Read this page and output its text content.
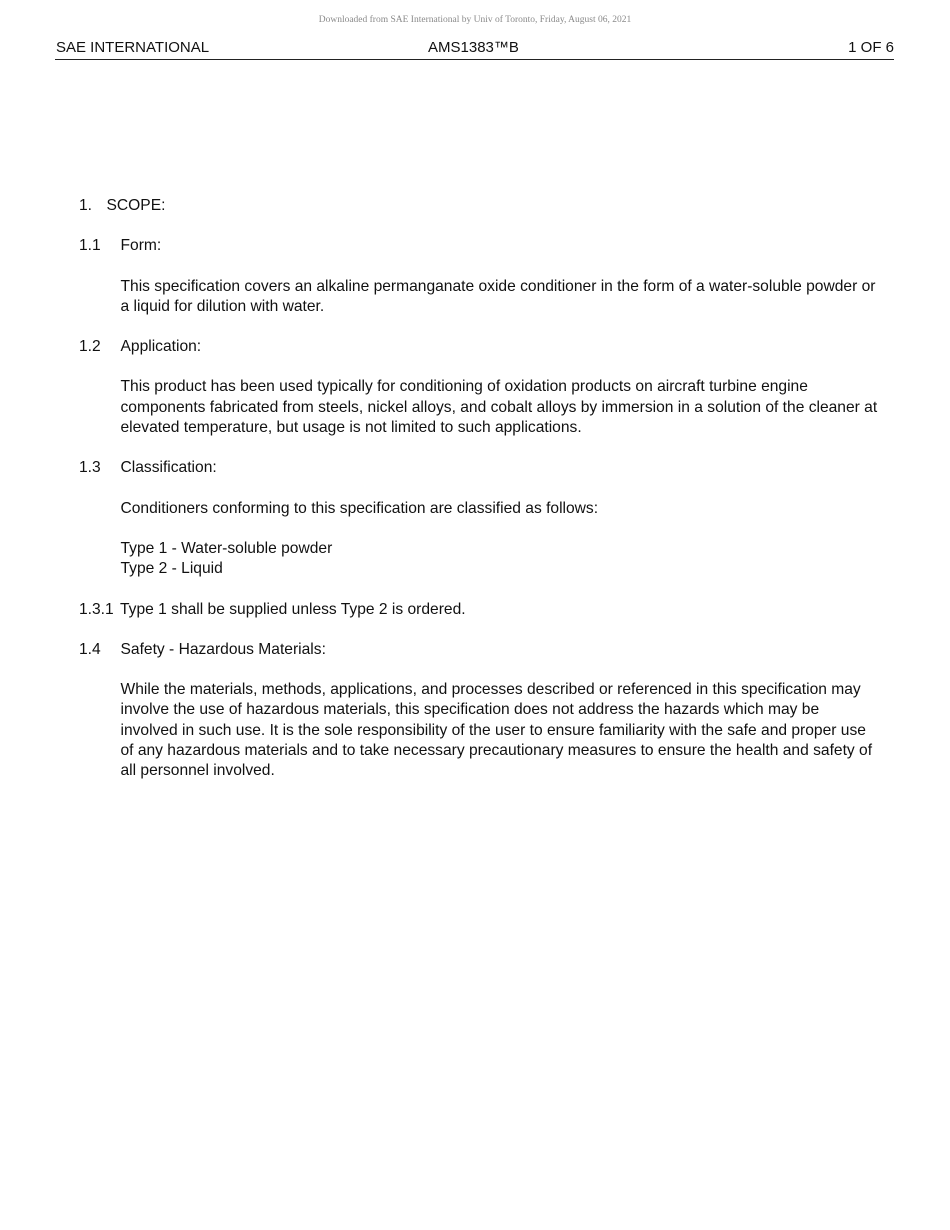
Downloaded from SAE International by Univ of Toronto, Friday, August 06, 2021
SAE INTERNATIONAL	AMS1383™B	1 OF 6
1. SCOPE:
1.1 Form:

This specification covers an alkaline permanganate oxide conditioner in the form of a water-soluble powder or a liquid for dilution with water.

1.2 Application:

This product has been used typically for conditioning of oxidation products on aircraft turbine engine components fabricated from steels, nickel alloys, and cobalt alloys by immersion in a solution of the cleaner at elevated temperature, but usage is not limited to such applications.

1.3 Classification:

Conditioners conforming to this specification are classified as follows:

Type 1 - Water-soluble powder

Type 2 - Liquid

1.3.1 Type 1 shall be supplied unless Type 2 is ordered.
1.4 Safety - Hazardous Materials:

While the materials, methods, applications, and processes described or referenced in this specification may involve the use of hazardous materials, this specification does not address the hazards which may be involved in such use. It is the sole responsibility of the user to ensure familiarity with the safe and proper use of any hazardous materials and to take necessary precautionary measures to ensure the health and safety of all personnel involved.
